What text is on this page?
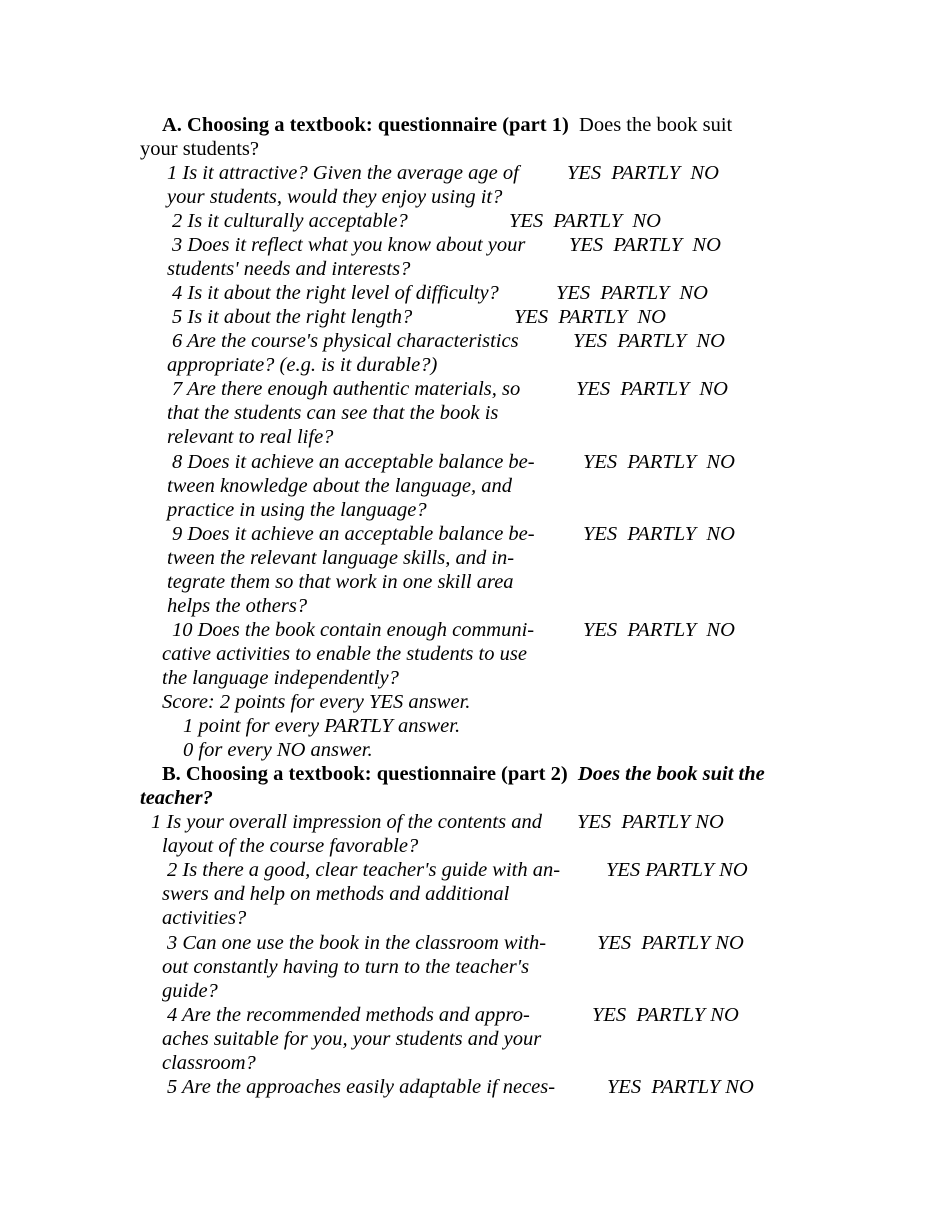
A. Choosing a textbook: questionnaire (part 1) Does the book suit
your students?
1 Is it attractive? Given the average age of YES  PARTLY  NO
your students, would they enjoy using it?
2 Is it culturally acceptable?	YES  PARTLY  NO
3 Does it reflect what you know about your YES  PARTLY  NO
students' needs and interests?
4 Is it about the right level of difficulty?	YES  PARTLY  NO
5 Is it about the right length?	YES  PARTLY  NO
6 Are the course's physical characteristics	YES  PARTLY  NO
appropriate? (e.g. is it durable?)
7 Are there enough authentic materials, so	YES  PARTLY  NO
that the students can see that the book is
relevant to real life?
8 Does it achieve an acceptable balance be- YES  PARTLY  NO
tween knowledge about the language, and
practice in using the language?
9 Does it achieve an acceptable balance be- YES  PARTLY  NO
tween the relevant language skills, and in-
tegrate them so that work in one skill area
helps the others?
10 Does the book contain enough communi- YES  PARTLY  NO
cative activities to enable the students to use
the language independently?
Score: 2 points for every YES answer.
1 point for every PARTLY answer.
0 for every NO answer.
B. Choosing a textbook: questionnaire (part 2) Does the book suit the
teacher?
1 Is your overall impression of the contents and YES  PARTLY NO
layout of the course favorable?
2 Is there a good, clear teacher's guide with an- YES PARTLY NO
swers and help on methods and additional
activities?
3 Can one use the book in the classroom with- YES  PARTLY NO
out constantly having to turn to the teacher's
guide?
4 Are the recommended methods and appro-	YES  PARTLY NO
aches suitable for you, your students and your
classroom?
5 Are the approaches easily adaptable if neces-	YES  PARTLY NO
